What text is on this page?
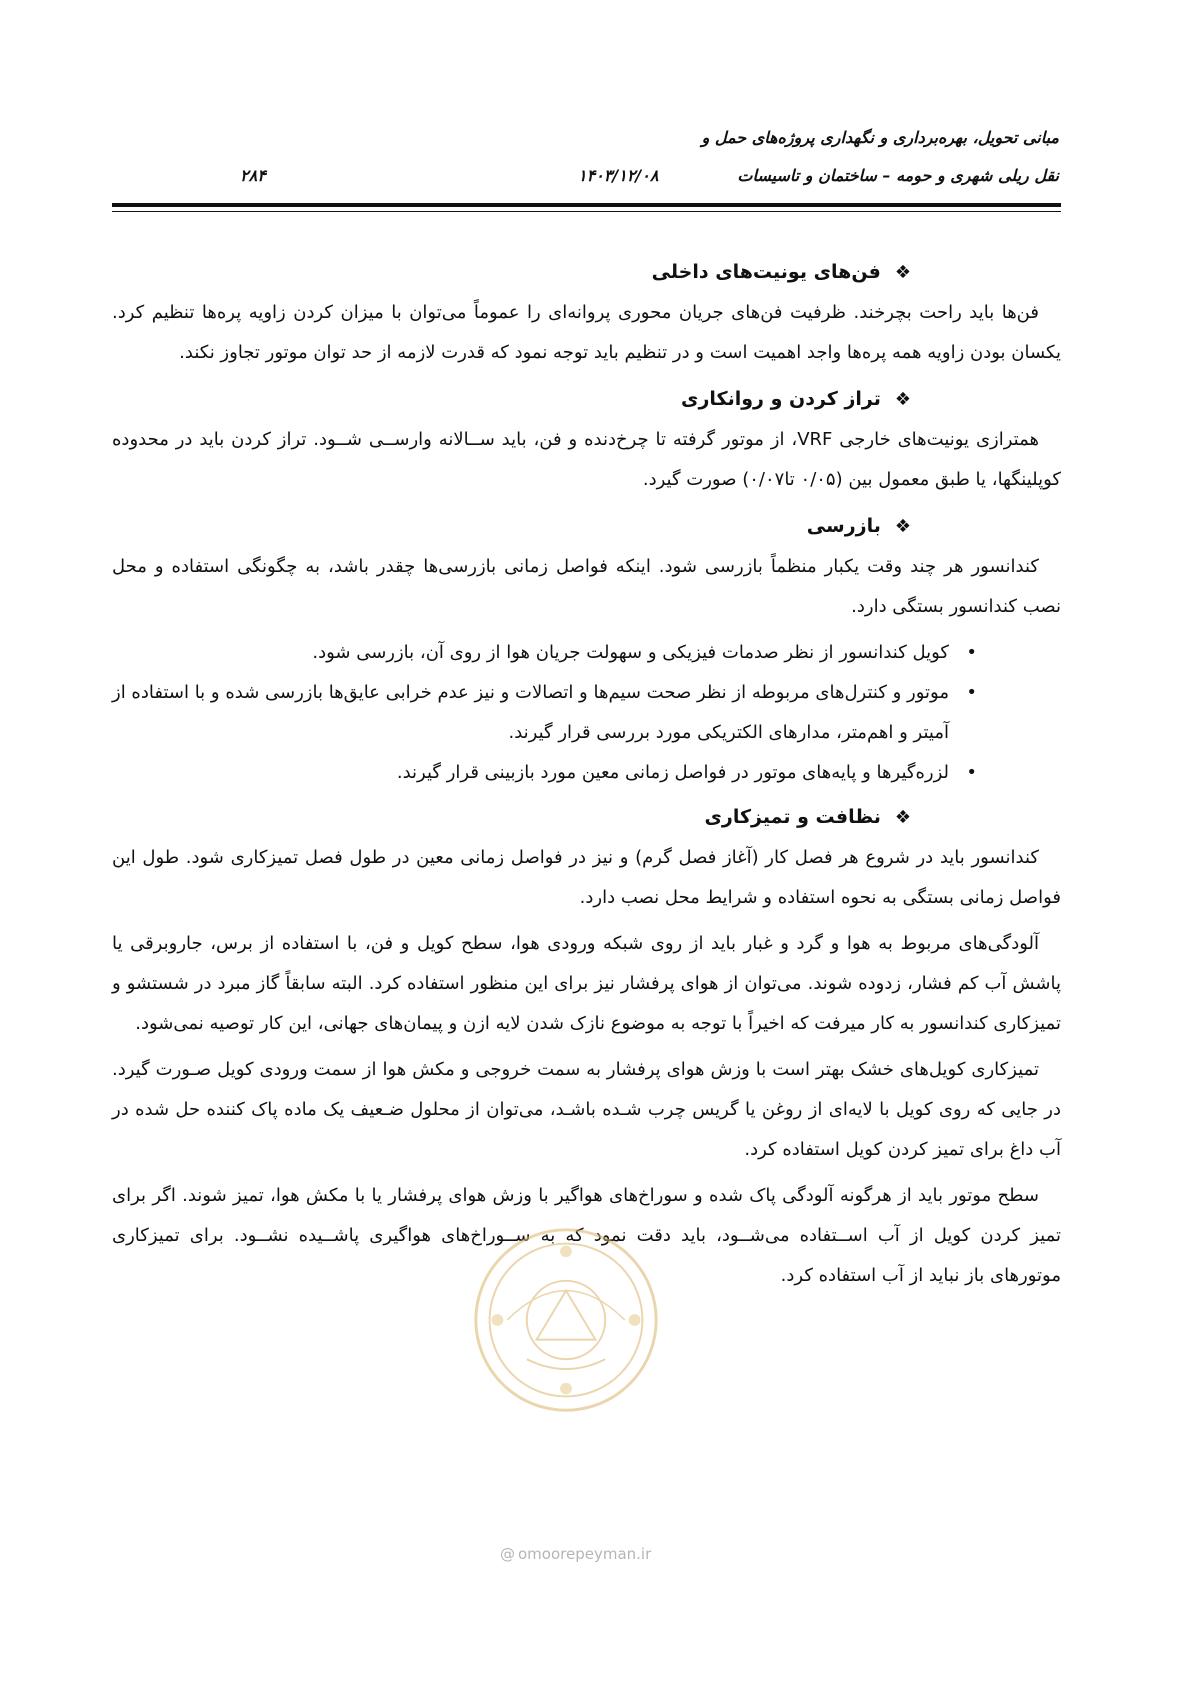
مبانی تحویل، بهره‌برداری و نگهداری پروژه‌های حمل و
نقل ریلی شهری و حومه – ساختمان و تاسیسات
۱۴۰۳/۱۲/۰۸
۲۸۴
❖فن‌های یونیت‌های داخلی

فن‌ها باید راحت بچرخند. ظرفیت فن‌های جریان محوری پروانه‌ای را عموماً می‌توان با میزان کردن زاویه پره‌ها تنظیم کرد. یکسان بودن زاویه همه پره‌ها واجد اهمیت است و در تنظیم باید توجه نمود که قدرت لازمه از حد توان موتور تجاوز نکند.

❖تراز کردن و روانکاری

همترازی یونیت‌های خارجی VRF، از موتور گرفته تا چرخ‌دنده و فن، باید ســالانه وارســی شــود. تراز کردن باید در محدوده کوپلینگها، یا طبق معمول بین (۰/۰۵ تا۰/۰۷) صورت گیرد.

❖بازرسی

کندانسور هر چند وقت یکبار منظماً بازرسی شود. اینکه فواصل زمانی بازرسی‌ها چقدر باشد، به چگونگی استفاده و محل نصب کندانسور بستگی دارد.

• کویل کندانسور از نظر صدمات فیزیکی و سهولت جریان هوا از روی آن، بازرسی شود.
• موتور و کنترل‌های مربوطه از نظر صحت سیم‌ها و اتصالات و نیز عدم خرابی عایق‌ها بازرسی شده و با استفاده از آمیتر و اهم‌متر، مدارهای الکتریکی مورد بررسی قرار گیرند.
• لزره‌گیرها و پایه‌های موتور در فواصل زمانی معین مورد بازبینی قرار گیرند.
❖نظافت و تمیزکاری

کندانسور باید در شروع هر فصل کار (آغاز فصل گرم) و نیز در فواصل زمانی معین در طول فصل تمیزکاری شود. طول این فواصل زمانی بستگی به نحوه استفاده و شرایط محل نصب دارد.

آلودگی‌های مربوط به هوا و گرد و غبار باید از روی شبکه ورودی هوا، سطح کویل و فن، با استفاده از برس، جاروبرقی یا پاشش آب کم فشار، زدوده شوند. می‌توان از هوای پرفشار نیز برای این منظور استفاده کرد. البته سابقاً گاز مبرد در شستشو و تمیزکاری کندانسور به کار میرفت که اخیراً با توجه به موضوع نازک شدن لایه ازن و پیمان‌های جهانی، این کار توصیه نمی‌شود.

تمیزکاری کویل‌های خشک بهتر است با وزش هوای پرفشار به سمت خروجی و مکش هوا از سمت ورودی کویل صـورت گیرد. در جایی که روی کویل با لایه‌ای از روغن یا گریس چرب شـده باشـد، می‌توان از محلول ضـعیف یک ماده پاک کننده حل شده در آب داغ برای تمیز کردن کویل استفاده کرد.

سطح موتور باید از هرگونه آلودگی پاک شده و سوراخ‌های هواگیر با وزش هوای پرفشار یا با مکش هوا، تمیز شوند. اگر برای تمیز کردن کویل از آب اســتفاده می‌شــود، باید دقت نمود که به ســوراخ‌های هواگیری پاشــیده نشــود. برای تمیزکاری موتورهای باز نباید از آب استفاده کرد.

@ omoorepeyman.ir
